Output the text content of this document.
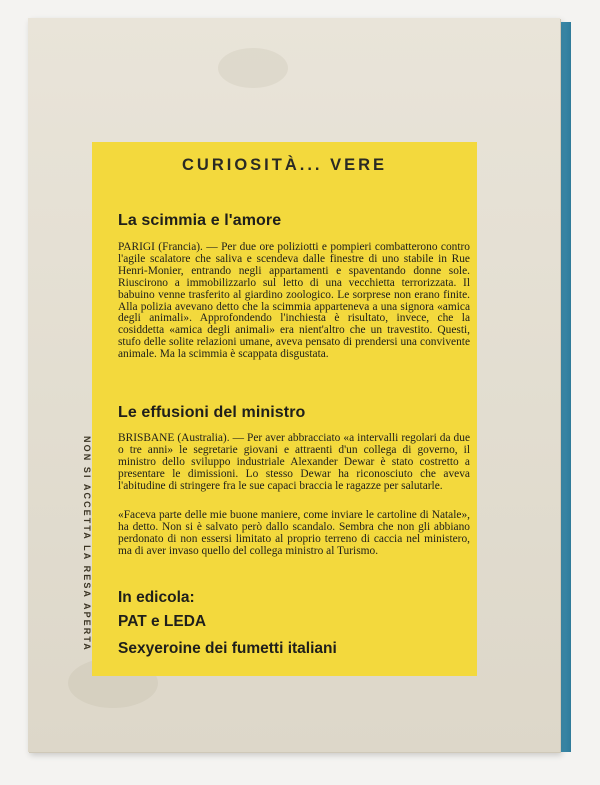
NON SI ACCETTA LA RESA APERTA
CURIOSITÀ... VERE
La scimmia e l'amore

PARIGI (Francia). — Per due ore poliziotti e pompieri combatterono contro l'agile scalatore che saliva e scendeva dalle finestre di uno stabile in Rue Henri-Monier, entrando negli appartamenti e spaventando donne sole. Riuscirono a immobilizzarlo sul letto di una vecchietta terrorizzata. Il babuino venne trasferito al giardino zoologico. Le sorprese non erano finite. Alla polizia avevano detto che la scimmia apparteneva a una signora «amica degli animali». Approfondendo l'inchiesta è risultato, invece, che la cosiddetta «amica degli animali» era nient'altro che un travestito. Questi, stufo delle solite relazioni umane, aveva pensato di prendersi una convivente animale. Ma la scimmia è scappata disgustata.

Le effusioni del ministro

BRISBANE (Australia). — Per aver abbracciato «a intervalli regolari da due o tre anni» le segretarie giovani e attraenti d'un collega di governo, il ministro dello sviluppo industriale Alexander Dewar è stato costretto a presentare le dimissioni. Lo stesso Dewar ha riconosciuto che aveva l'abitudine di stringere fra le sue capaci braccia le ragazze per salutarle.

«Faceva parte delle mie buone maniere, come inviare le cartoline di Natale», ha detto. Non si è salvato però dallo scandalo. Sembra che non gli abbiano perdonato di non essersi limitato al proprio terreno di caccia nel ministero, ma di aver invaso quello del collega ministro al Turismo.

In edicola:
PAT e LEDA
Sexyeroine dei fumetti italiani
